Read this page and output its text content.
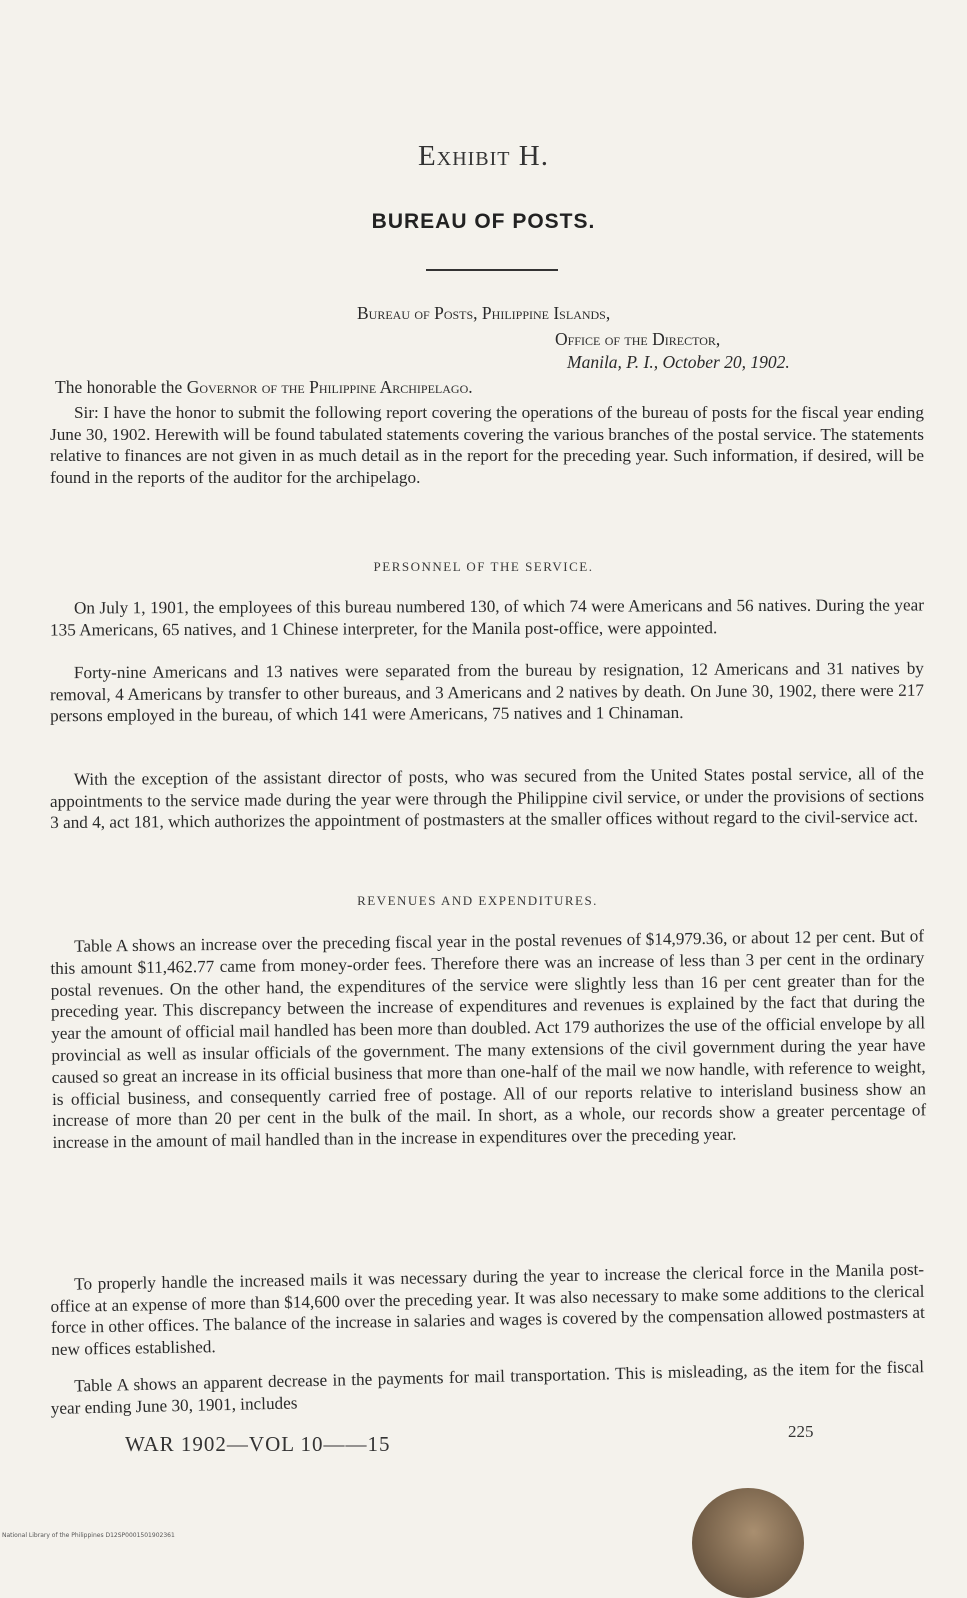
Exhibit H.
BUREAU OF POSTS.
Bureau of Posts, Philippine Islands,
Office of the Director,
Manila, P. I., October 20, 1902.
The honorable the Governor of the Philippine Archipelago.

Sir: I have the honor to submit the following report covering the operations of the bureau of posts for the fiscal year ending June 30, 1902. Herewith will be found tabulated statements covering the various branches of the postal service. The statements relative to finances are not given in as much detail as in the report for the preceding year. Such information, if desired, will be found in the reports of the auditor for the archipelago.

PERSONNEL OF THE SERVICE.

On July 1, 1901, the employees of this bureau numbered 130, of which 74 were Americans and 56 natives. During the year 135 Americans, 65 natives, and 1 Chinese interpreter, for the Manila post-office, were appointed.

Forty-nine Americans and 13 natives were separated from the bureau by resignation, 12 Americans and 31 natives by removal, 4 Americans by transfer to other bureaus, and 3 Americans and 2 natives by death. On June 30, 1902, there were 217 persons employed in the bureau, of which 141 were Americans, 75 natives and 1 Chinaman.

With the exception of the assistant director of posts, who was secured from the United States postal service, all of the appointments to the service made during the year were through the Philippine civil service, or under the provisions of sections 3 and 4, act 181, which authorizes the appointment of postmasters at the smaller offices without regard to the civil-service act.

REVENUES AND EXPENDITURES.

Table A shows an increase over the preceding fiscal year in the postal revenues of $14,979.36, or about 12 per cent. But of this amount $11,462.77 came from money-order fees. Therefore there was an increase of less than 3 per cent in the ordinary postal revenues. On the other hand, the expenditures of the service were slightly less than 16 per cent greater than for the preceding year. This discrepancy between the increase of expenditures and revenues is explained by the fact that during the year the amount of official mail handled has been more than doubled. Act 179 authorizes the use of the official envelope by all provincial as well as insular officials of the government. The many extensions of the civil government during the year have caused so great an increase in its official business that more than one-half of the mail we now handle, with reference to weight, is official business, and consequently carried free of postage. All of our reports relative to interisland business show an increase of more than 20 per cent in the bulk of the mail. In short, as a whole, our records show a greater percentage of increase in the amount of mail handled than in the increase in expenditures over the preceding year.

To properly handle the increased mails it was necessary during the year to increase the clerical force in the Manila post-office at an expense of more than $14,600 over the preceding year. It was also necessary to make some additions to the clerical force in other offices. The balance of the increase in salaries and wages is covered by the compensation allowed postmasters at new offices established.

Table A shows an apparent decrease in the payments for mail transportation. This is misleading, as the item for the fiscal year ending June 30, 1901, includes

WAR 1902—VOL 10——15
225
National Library of the Philippines D12SP0001501902361
